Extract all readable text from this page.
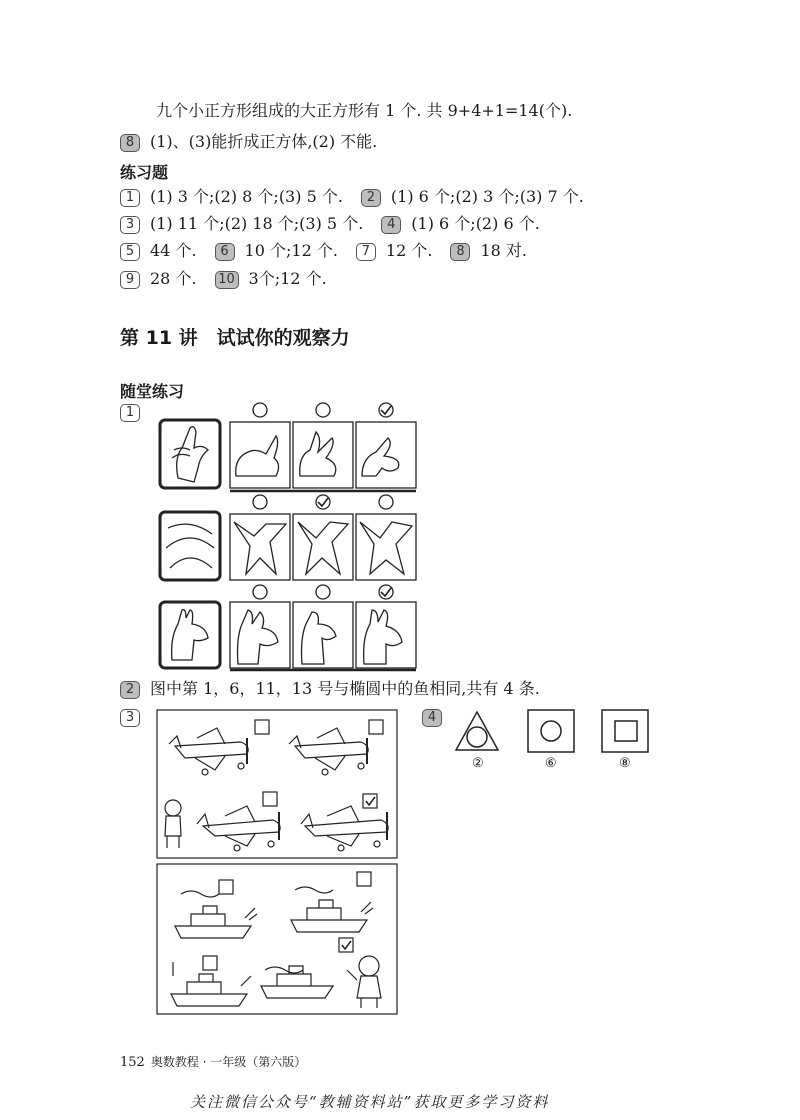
九个小正方形组成的大正方形有 1 个. 共 9+4+1=14(个).
8 (1)、(3)能折成正方体,(2) 不能.
练习题
1 (1) 3 个;(2) 8 个;(3) 5 个. 2 (1) 6 个;(2) 3 个;(3) 7 个.
3 (1) 11 个;(2) 18 个;(3) 5 个. 4 (1) 6 个;(2) 6 个.
5 44 个. 6 10 个;12 个. 7 12 个. 8 18 对.
9 28 个. 10 3个;12 个.
第 11 讲　试试你的观察力
随堂练习
1
2 图中第 1，6，11，13 号与椭圆中的鱼相同,共有 4 条.
3	4
②	⑥	⑧
152 奥数教程 · 一年级（第六版）
关注微信公众号“教辅资料站”获取更多学习资料
